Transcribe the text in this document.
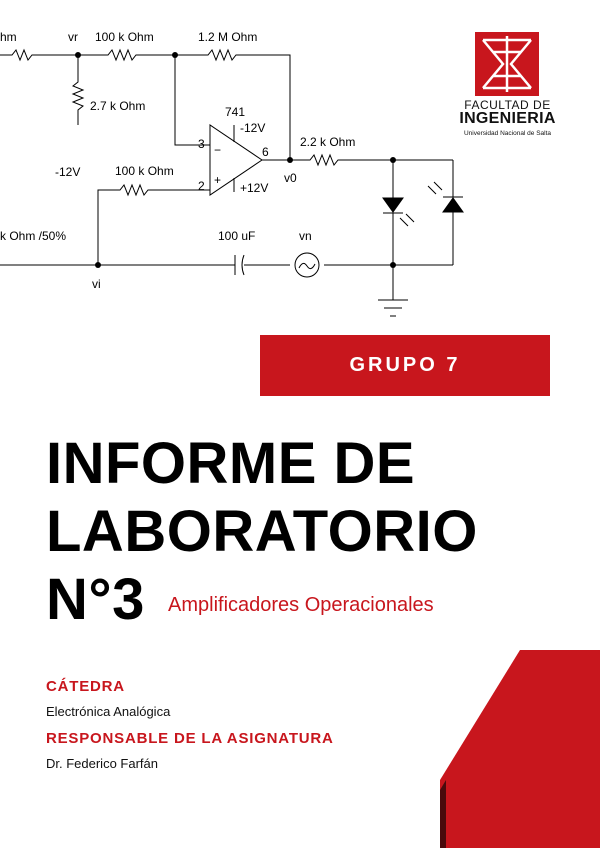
hm	vr 100 k Ohm	1.2 M Ohm
2.7 k Ohm
-12V
741
-12V
3
2
6
−
+
+12V
100 k Ohm	v0
2.2 k Ohm
k Ohm /50%	100 uF	vn
vi
FACULTAD DE
INGENIERIA
Universidad Nacional de Salta
GRUPO 7
INFORME DE
LABORATORIO
N°3 Amplificadores Operacionales
CÁTEDRA
Electrónica Analógica
RESPONSABLE DE LA ASIGNATURA
Dr. Federico Farfán
